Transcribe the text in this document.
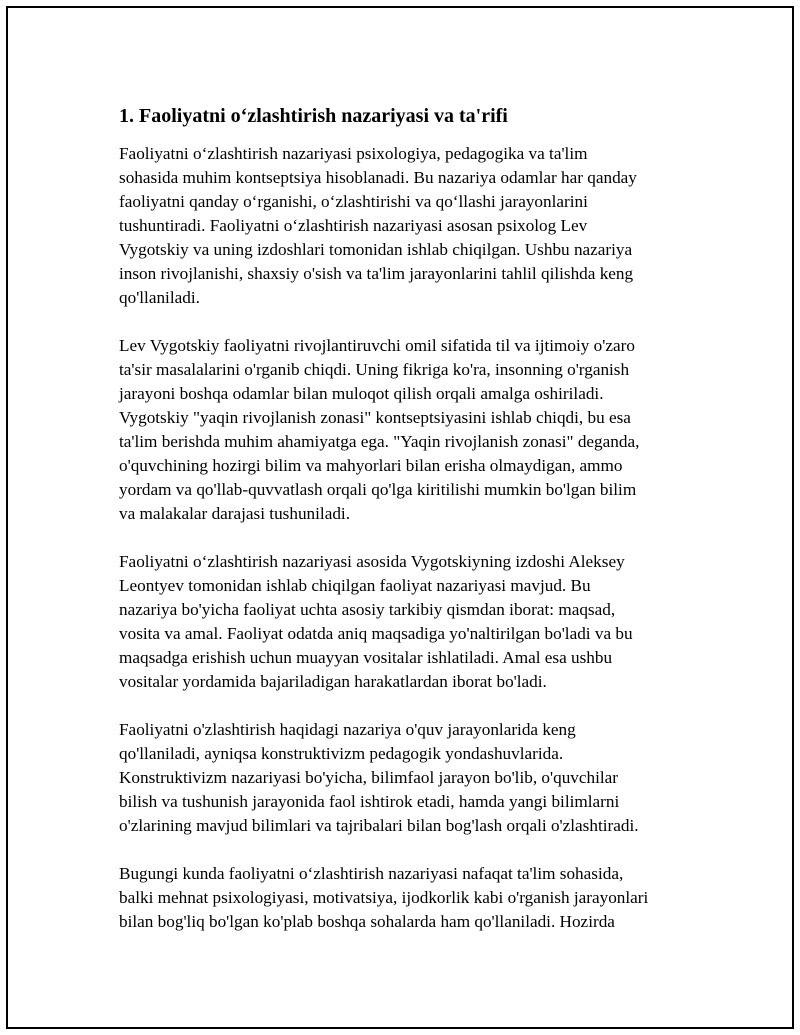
1. Faoliyatni o‘zlashtirish nazariyasi va ta'rifi

Faoliyatni o‘zlashtirish nazariyasi psixologiya, pedagogika va ta'lim
sohasida muhim kontseptsiya hisoblanadi. Bu nazariya odamlar har qanday
faoliyatni qanday o‘rganishi, o‘zlashtirishi va qo‘llashi jarayonlarini
tushuntiradi. Faoliyatni o‘zlashtirish nazariyasi asosan psixolog Lev
Vygotskiy va uning izdoshlari tomonidan ishlab chiqilgan. Ushbu nazariya
inson rivojlanishi, shaxsiy o'sish va ta'lim jarayonlarini tahlil qilishda keng
qo'llaniladi.

Lev Vygotskiy faoliyatni rivojlantiruvchi omil sifatida til va ijtimoiy o'zaro
ta'sir masalalarini o'rganib chiqdi. Uning fikriga ko'ra, insonning o'rganish
jarayoni boshqa odamlar bilan muloqot qilish orqali amalga oshiriladi.
Vygotskiy "yaqin rivojlanish zonasi" kontseptsiyasini ishlab chiqdi, bu esa
ta'lim berishda muhim ahamiyatga ega. "Yaqin rivojlanish zonasi" deganda,
o'quvchining hozirgi bilim va mahyorlari bilan erisha olmaydigan, ammo
yordam va qo'llab-quvvatlash orqali qo'lga kiritilishi mumkin bo'lgan bilim
va malakalar darajasi tushuniladi.

Faoliyatni o‘zlashtirish nazariyasi asosida Vygotskiyning izdoshi Aleksey
Leontyev tomonidan ishlab chiqilgan faoliyat nazariyasi mavjud. Bu
nazariya bo'yicha faoliyat uchta asosiy tarkibiy qismdan iborat: maqsad,
vosita va amal. Faoliyat odatda aniq maqsadiga yo'naltirilgan bo'ladi va bu
maqsadga erishish uchun muayyan vositalar ishlatiladi. Amal esa ushbu
vositalar yordamida bajariladigan harakatlardan iborat bo'ladi.

Faoliyatni o'zlashtirish haqidagi nazariya o'quv jarayonlarida keng
qo'llaniladi, ayniqsa konstruktivizm pedagogik yondashuvlarida.
Konstruktivizm nazariyasi bo'yicha, bilimfaol jarayon bo'lib, o'quvchilar
bilish va tushunish jarayonida faol ishtirok etadi, hamda yangi bilimlarni
o'zlarining mavjud bilimlari va tajribalari bilan bog'lash orqali o'zlashtiradi.

Bugungi kunda faoliyatni o‘zlashtirish nazariyasi nafaqat ta'lim sohasida,
balki mehnat psixologiyasi, motivatsiya, ijodkorlik kabi o'rganish jarayonlari
bilan bog'liq bo'lgan ko'plab boshqa sohalarda ham qo'llaniladi. Hozirda
